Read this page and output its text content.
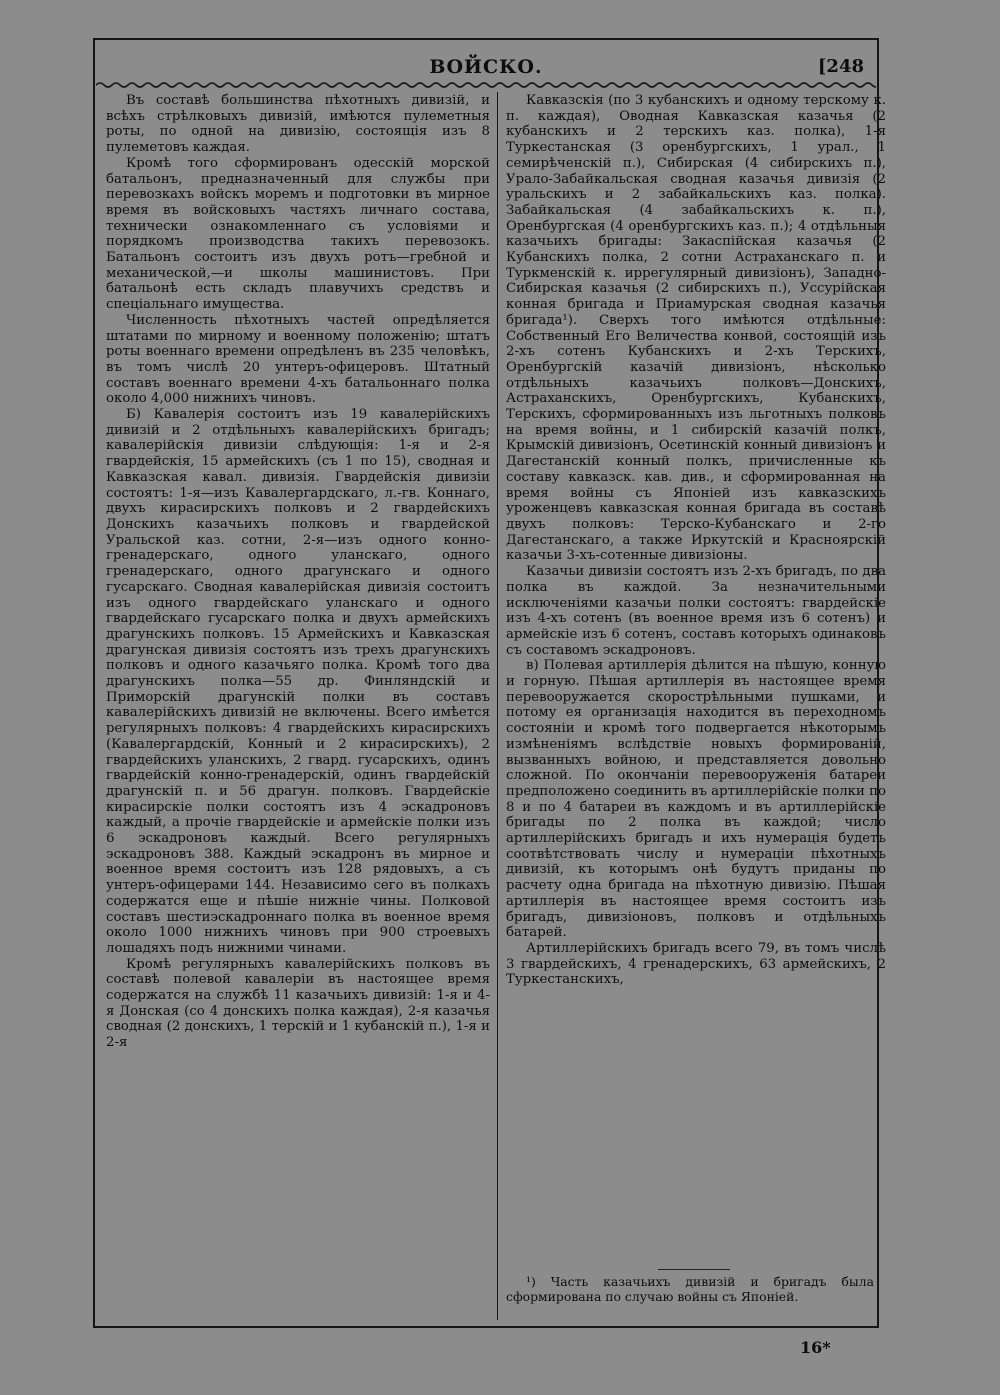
ВОЙСКО.	[248

Въ составѣ большинства пѣхотныхъ дивизій, и всѣхъ стрѣлковыхъ дивизій, имѣются пулеметныя роты, по одной на дивизію, состоящія изъ 8 пулеметовъ каждая.

Кромѣ того сформированъ одесскій морской батальонъ, предназначенный для службы при перевозкахъ войскъ моремъ и подготовки въ мирное время въ войсковыхъ частяхъ личнаго состава, технически ознакомленнаго съ условіями и порядкомъ производства такихъ перевозокъ. Батальонъ состоитъ изъ двухъ ротъ—гребной и механической,—и школы машинистовъ. При батальонѣ есть складъ плавучихъ средствъ и спеціальнаго имущества.

Численность пѣхотныхъ частей опредѣляется штатами по мирному и военному положенію; штатъ роты военнаго времени опредѣленъ въ 235 человѣкъ, въ томъ числѣ 20 унтеръ-офицеровъ. Штатный составъ военнаго времени 4-хъ батальоннаго полка около 4,000 нижнихъ чиновъ.

Б) Кавалерія состоитъ изъ 19 кавалерійскихъ дивизій и 2 отдѣльныхъ кавалерійскихъ бригадъ; кавалерійскія дивизіи слѣдующія: 1-я и 2-я гвардейскія, 15 армейскихъ (съ 1 по 15), сводная и Кавказская кавал. дивизія. Гвардейскія дивизіи состоятъ: 1-я—изъ Кавалергардскаго, л.-гв. Коннаго, двухъ кирасирскихъ полковъ и 2 гвардейскихъ Донскихъ казачьихъ полковъ и гвардейской Уральской каз. сотни, 2-я—изъ одного конно-гренадерскаго, одного уланскаго, одного гренадерскаго, одного драгунскаго и одного гусарскаго. Сводная кавалерійская дивизія состоитъ изъ одного гвардейскаго уланскаго и одного гвардейскаго гусарскаго полка и двухъ армейскихъ драгунскихъ полковъ. 15 Армейскихъ и Кавказская драгунская дивизія состоятъ изъ трехъ драгунскихъ полковъ и одного казачьяго полка. Кромѣ того два драгунскихъ полка—55 др. Финляндскій и Приморскій драгунскій полки въ составъ кавалерійскихъ дивизій не включены. Всего имѣется регулярныхъ полковъ: 4 гвардейскихъ кирасирскихъ (Кавалергардскій, Конный и 2 кирасирскихъ), 2 гвардейскихъ уланскихъ, 2 гвард. гусарскихъ, одинъ гвардейскій конно-гренадерскій, одинъ гвардейскій драгунскій п. и 56 драгун. полковъ. Гвардейскіе кирасирскіе полки состоятъ изъ 4 эскадроновъ каждый, а прочіе гвардейскіе и армейскіе полки изъ 6 эскадроновъ каждый. Всего регулярныхъ эскадроновъ 388. Каждый эскадронъ въ мирное и военное время состоитъ изъ 128 рядовыхъ, а съ унтеръ-офицерами 144. Независимо сего въ полкахъ содержатся еще и пѣшіе нижніе чины. Полковой составъ шестиэскадроннаго полка въ военное время около 1000 нижнихъ чиновъ при 900 строевыхъ лошадяхъ подъ нижними чинами.

Кромѣ регулярныхъ кавалерійскихъ полковъ въ составѣ полевой кавалеріи въ настоящее время содержатся на службѣ 11 казачьихъ дивизій: 1-я и 4-я Донская (со 4 донскихъ полка каждая), 2-я казачья сводная (2 донскихъ, 1 терскій и 1 кубанскій п.), 1-я и 2-я

Кавказскія (по 3 кубанскихъ и одному терскому к. п. каждая), Оводная Кавказская казачья (2 кубанскихъ и 2 терскихъ каз. полка), 1-я Туркестанская (3 оренбургскихъ, 1 урал., 1 семирѣченскій п.), Сибирская (4 сибирскихъ п.), Урало-Забайкальская сводная казачья дивизія (2 уральскихъ и 2 забайкальскихъ каз. полка). Забайкальская (4 забайкальскихъ к. п.), Оренбургская (4 оренбургскихъ каз. п.); 4 отдѣльныя казачьихъ бригады: Закаспійская казачья (2 Кубанскихъ полка, 2 сотни Астраханскаго п. и Туркменскій к. иррегулярный дивизіонъ), Западно-Сибирская казачья (2 сибирскихъ п.), Уссурійская конная бригада и Приамурская сводная казачья бригада¹). Сверхъ того имѣются отдѣльные: Собственный Его Величества конвой, состоящій изъ 2-хъ сотенъ Кубанскихъ и 2-хъ Терскихъ, Оренбургскій казачій дивизіонъ, нѣсколько отдѣльныхъ казачьихъ полковъ—Донскихъ, Астраханскихъ, Оренбургскихъ, Кубанскихъ, Терскихъ, сформированныхъ изъ льготныхъ полковъ на время войны, и 1 сибирскій казачій полкъ, Крымскій дивизіонъ, Осетинскій конный дивизіонъ и Дагестанскій конный полкъ, причисленные къ составу кавказск. кав. див., и сформированная на время войны съ Японіей изъ кавказскихъ уроженцевъ кавказская конная бригада въ составѣ двухъ полковъ: Терско-Кубанскаго и 2-го Дагестанскаго, а также Иркутскій и Красноярскій казачьи 3-хъ-сотенные дивизіоны.

Казачьи дивизіи состоятъ изъ 2-хъ бригадъ, по два полка въ каждой. За незначительными исключеніями казачьи полки состоятъ: гвардейскіе изъ 4-хъ сотенъ (въ военное время изъ 6 сотенъ) и армейскіе изъ 6 сотенъ, составъ которыхъ одинаковъ съ составомъ эскадроновъ.

в) Полевая артиллерія дѣлится на пѣшую, конную и горную. Пѣшая артиллерія въ настоящее время перевооружается скорострѣльными пушками, и потому ея организація находится въ переходномъ состояніи и кромѣ того подвергается нѣкоторымъ измѣненіямъ вслѣдствіе новыхъ формированій, вызванныхъ войною, и представляется довольно сложной. По окончаніи перевооруженія батареи предположено соединить въ артиллерійскіе полки по 8 и по 4 батареи въ каждомъ и въ артиллерійскіе бригады по 2 полка въ каждой; число артиллерійскихъ бригадъ и ихъ нумерація будетъ соотвѣтствовать числу и нумераціи пѣхотныхъ дивизій, къ которымъ онѣ будутъ приданы по расчету одна бригада на пѣхотную дивизію. Пѣшая артиллерія въ настоящее время состоитъ изъ бригадъ, дивизіоновъ, полковъ и отдѣльныхъ батарей.

Артиллерійскихъ бригадъ всего 79, въ томъ числѣ 3 гвардейскихъ, 4 гренадерскихъ, 63 армейскихъ, 2 Туркестанскихъ,

¹) Часть казачьихъ дивизій и бригадъ была сформирована по случаю войны съ Японіей.

16*
